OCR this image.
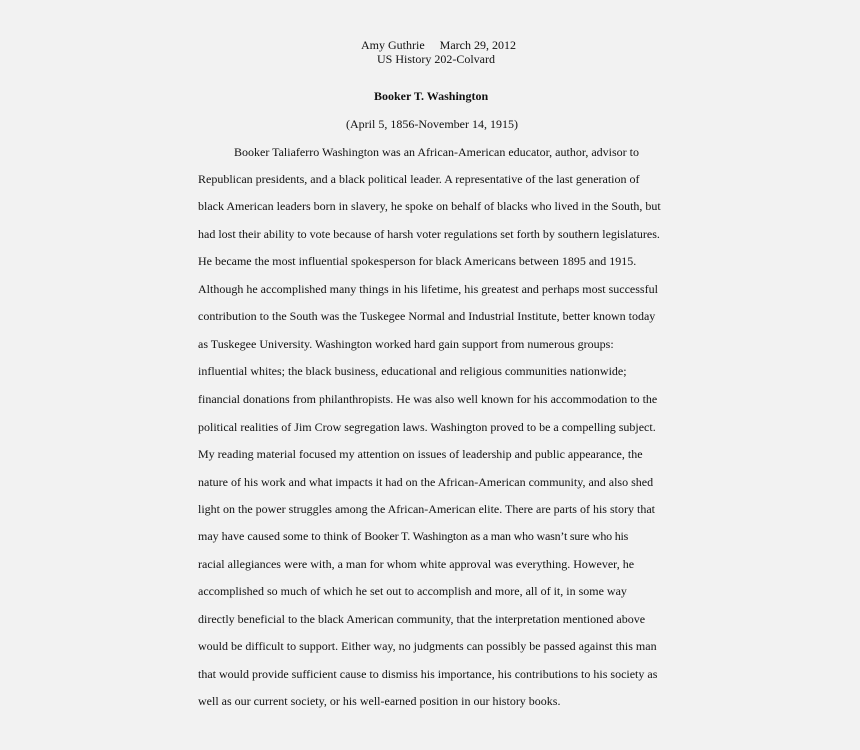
Amy Guthrie     March 29, 2012
US History 202-Colvard
Booker T. Washington
(April 5, 1856-November 14, 1915)
Booker Taliaferro Washington was an African-American educator, author, advisor to
Republican presidents, and a black political leader. A representative of the last generation of
black American leaders born in slavery, he spoke on behalf of blacks who lived in the South, but
had lost their ability to vote because of harsh voter regulations set forth by southern legislatures.
He became the most influential spokesperson for black Americans between 1895 and 1915.
Although he accomplished many things in his lifetime, his greatest and perhaps most successful
contribution to the South was the Tuskegee Normal and Industrial Institute, better known today
as Tuskegee University. Washington worked hard gain support from numerous groups:
influential whites; the black business, educational and religious communities nationwide;
financial donations from philanthropists. He was also well known for his accommodation to the
political realities of Jim Crow segregation laws. Washington proved to be a compelling subject.
My reading material focused my attention on issues of leadership and public appearance, the
nature of his work and what impacts it had on the African-American community, and also shed
light on the power struggles among the African-American elite. There are parts of his story that
may have caused some to think of Booker T. Washington as a man who wasn’t sure who his
racial allegiances were with, a man for whom white approval was everything. However, he
accomplished so much of which he set out to accomplish and more, all of it, in some way
directly beneficial to the black American community, that the interpretation mentioned above
would be difficult to support. Either way, no judgments can possibly be passed against this man
that would provide sufficient cause to dismiss his importance, his contributions to his society as
well as our current society, or his well-earned position in our history books.
